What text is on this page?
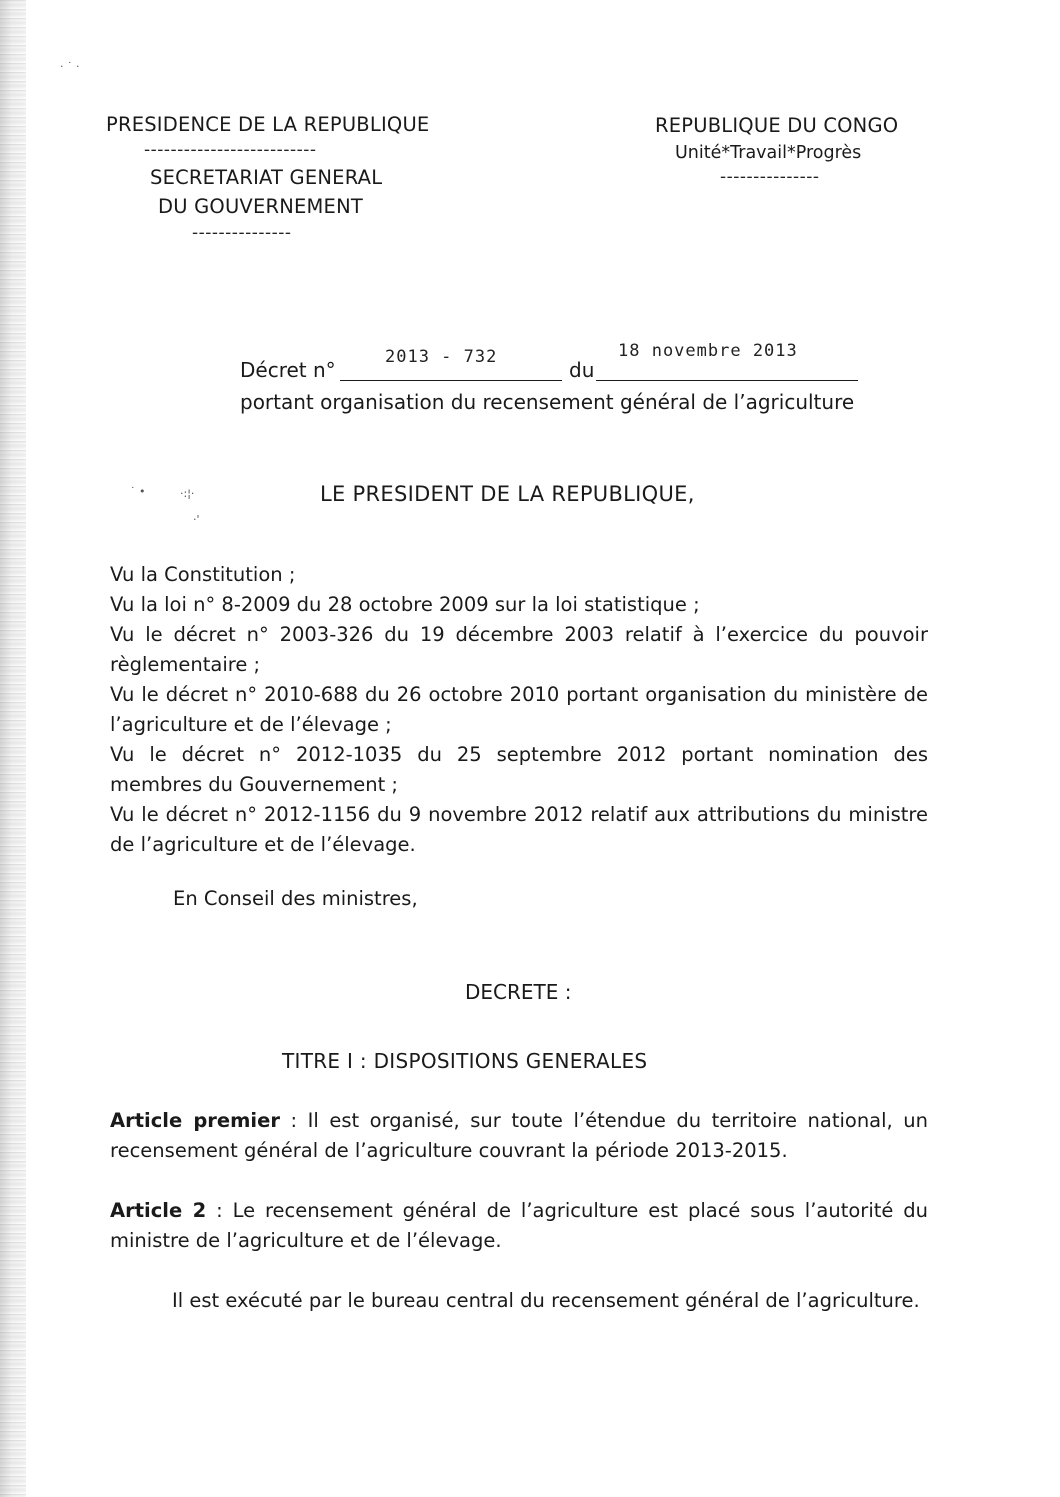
PRESIDENCE DE LA REPUBLIQUE
--------------------------
SECRETARIAT GENERAL
DU GOUVERNEMENT
---------------
REPUBLIQUE DU CONGO
Unité*Travail*Progrès
---------------
Décret n°
2013 - 732
du
18 novembre 2013
portant organisation du recensement général de l’agriculture
˙ •	·:¦·
·'
· ˙ ·
LE PRESIDENT DE LA REPUBLIQUE,

Vu la Constitution ;

Vu la loi n° 8-2009 du 28 octobre 2009 sur la loi statistique ;

Vu le décret n° 2003-326 du 19 décembre 2003 relatif à l’exercice du pouvoir règlementaire ;

Vu le décret n° 2010-688 du 26 octobre 2010 portant organisation du ministère de l’agriculture et de l’élevage ;

Vu le décret n° 2012-1035 du 25 septembre 2012 portant nomination des membres du Gouvernement ;

Vu le décret n° 2012-1156 du 9 novembre 2012 relatif aux attributions du ministre de l’agriculture et de l’élevage.

En Conseil des ministres,
DECRETE :
TITRE I : DISPOSITIONS GENERALES

Article premier : Il est organisé, sur toute l’étendue du territoire national, un recensement général de l’agriculture couvrant la période 2013-2015.

Article 2 : Le recensement général de l’agriculture est placé sous l’autorité du ministre de l’agriculture et de l’élevage.

Il est exécuté par le bureau central du recensement général de l’agriculture.
